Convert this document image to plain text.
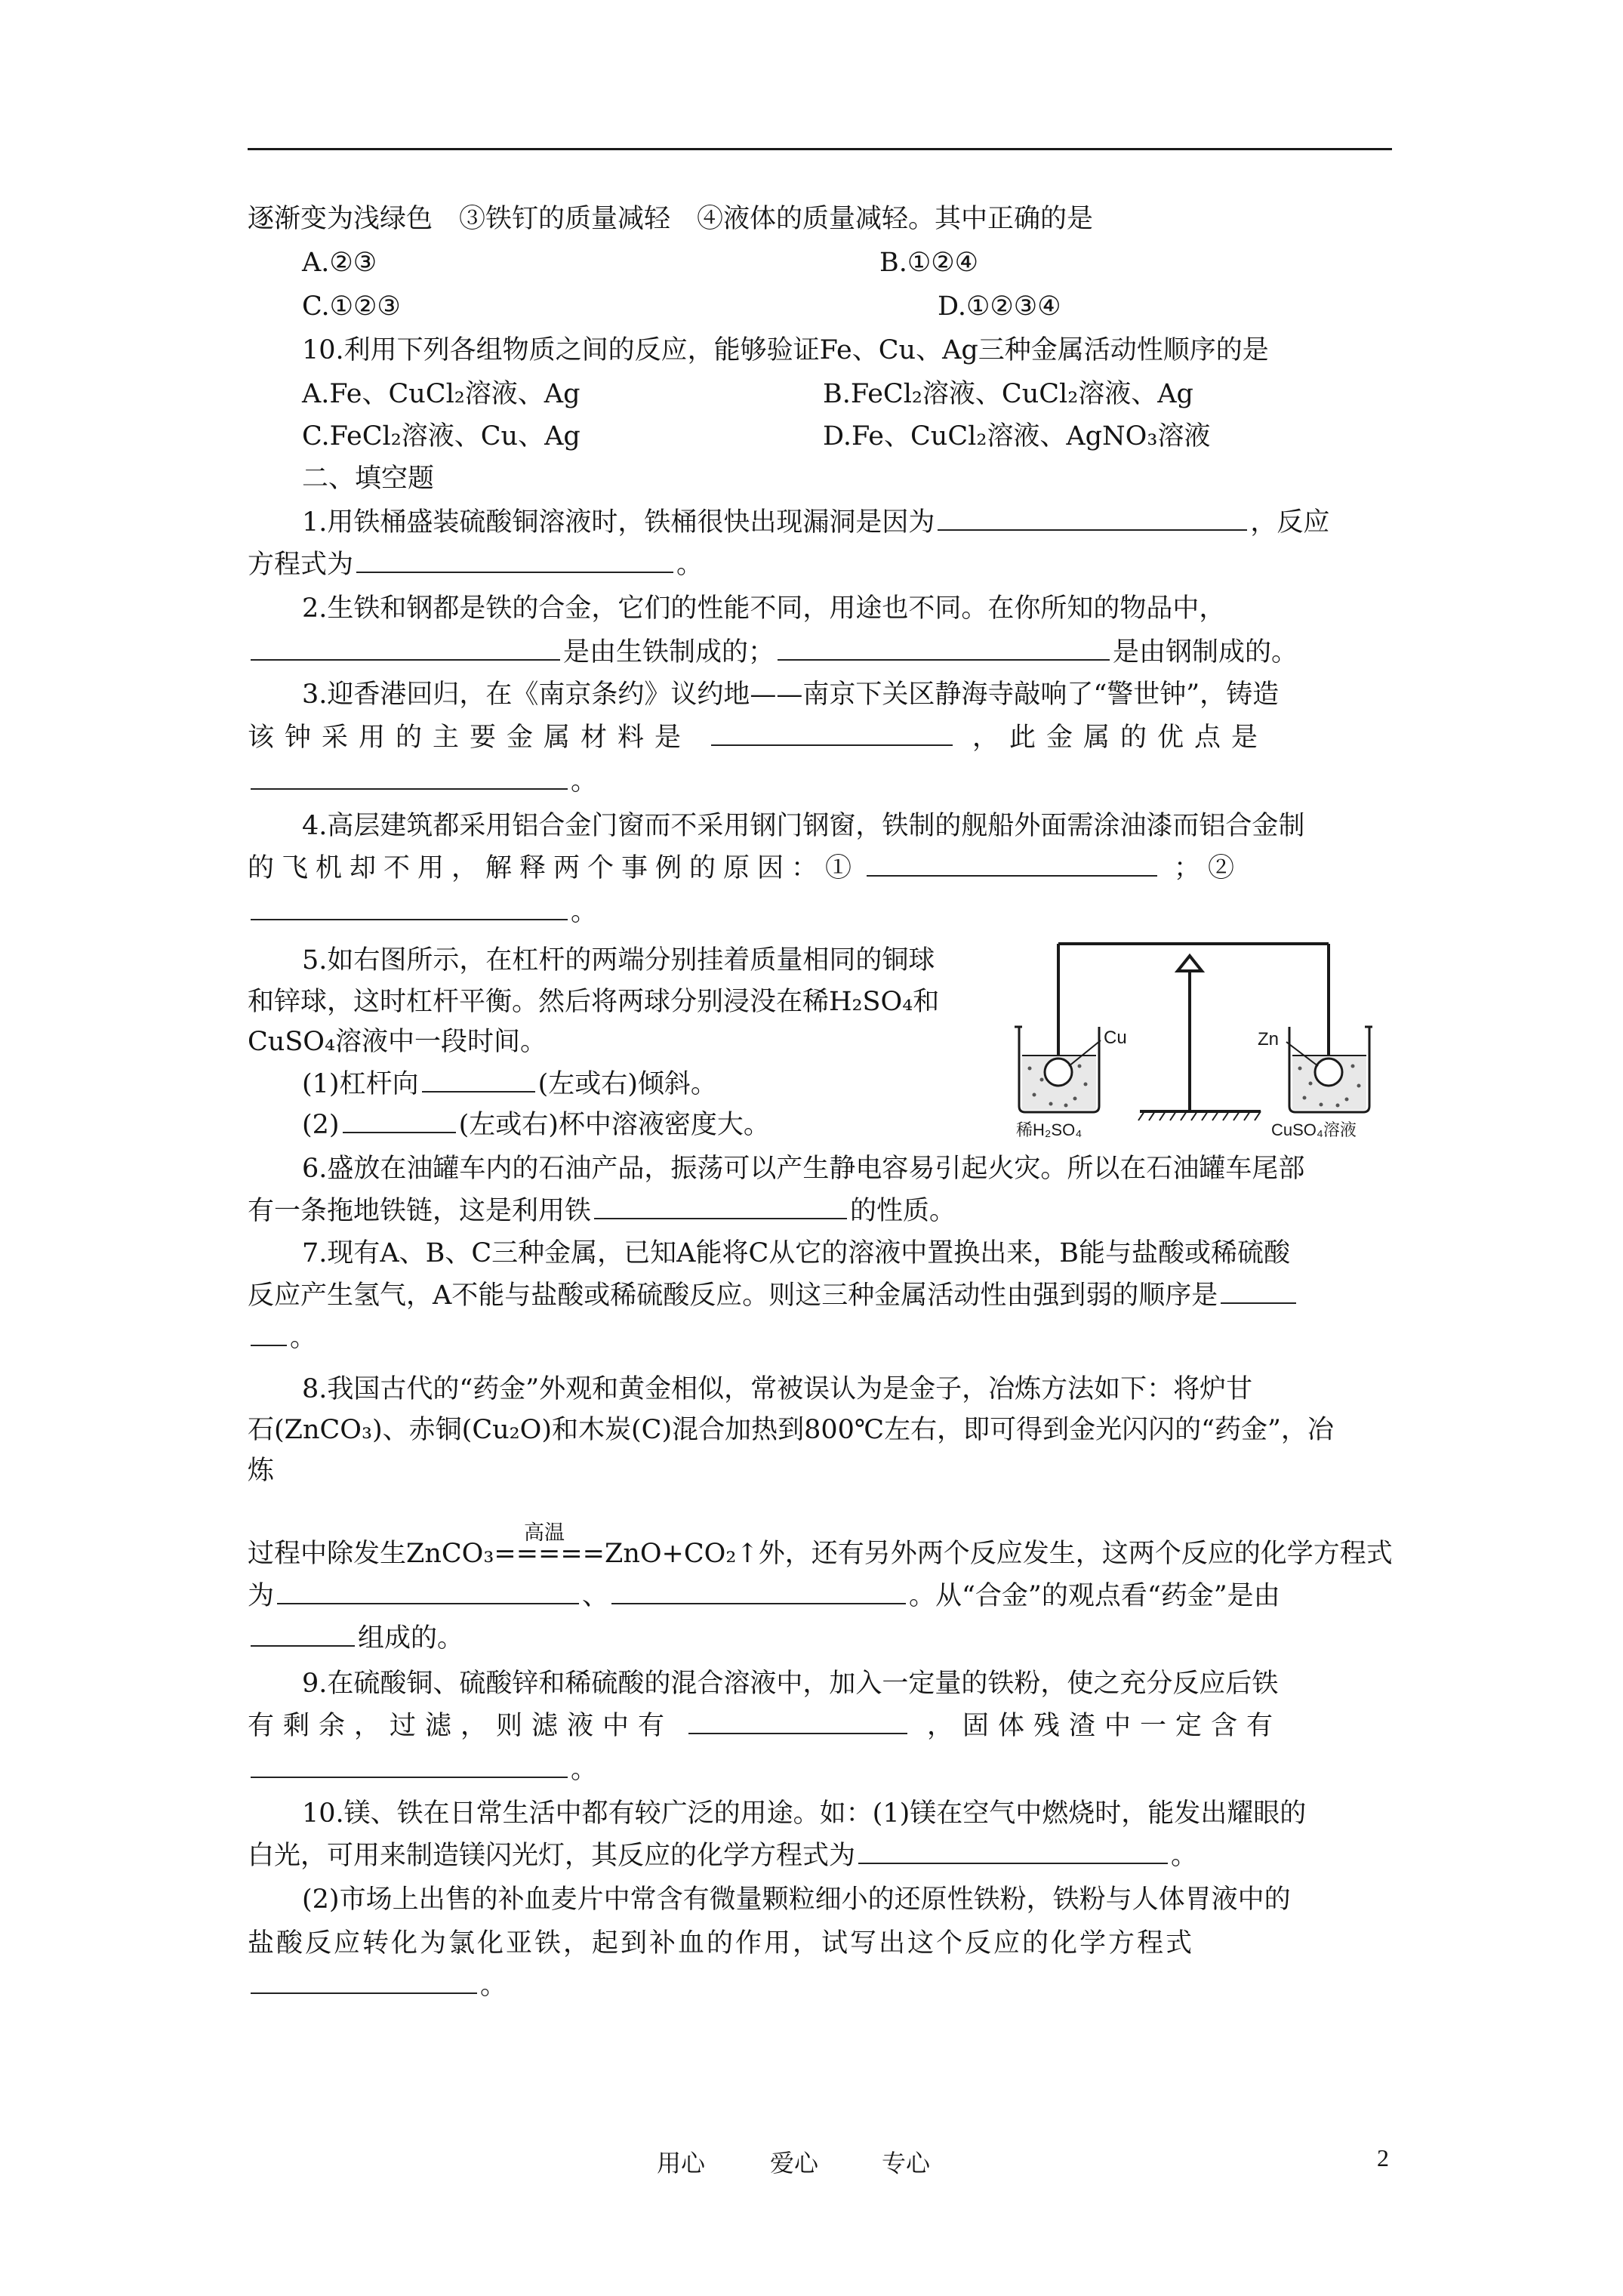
逐渐变为浅绿色　③铁钉的质量减轻　④液体的质量减轻。其中正确的是
A.②③	B.①②④
C.①②③	D.①②③④
10.利用下列各组物质之间的反应，能够验证Fe、Cu、Ag三种金属活动性顺序的是
A.Fe、CuCl₂溶液、Ag	B.FeCl₂溶液、CuCl₂溶液、Ag
C.FeCl₂溶液、Cu、Ag	D.Fe、CuCl₂溶液、AgNO₃溶液
二、填空题
1.用铁桶盛装硫酸铜溶液时，铁桶很快出现漏洞是因为	，反应
方程式为	。
2.生铁和钢都是铁的合金，它们的性能不同，用途也不同。在你所知的物品中，
是由生铁制成的；	是由钢制成的。
3.迎香港回归，在《南京条约》议约地——南京下关区静海寺敲响了“警世钟”，铸造
该钟采用的主要金属材料是	，此金属的优点是
。
4.高层建筑都采用铝合金门窗而不采用钢门钢窗，铁制的舰船外面需涂油漆而铝合金制
的飞机却不用，解释两个事例的原因：①	；②
。
5.如右图所示，在杠杆的两端分别挂着质量相同的铜球
和锌球，这时杠杆平衡。然后将两球分别浸没在稀H₂SO₄和
CuSO₄溶液中一段时间。
(1)杠杆向	(左或右)倾斜。
(2)	(左或右)杯中溶液密度大。
Cu	Zn
稀H₂SO₄	CuSO₄溶液
6.盛放在油罐车内的石油产品，振荡可以产生静电容易引起火灾。所以在石油罐车尾部
有一条拖地铁链，这是利用铁	的性质。
7.现有A、B、C三种金属，已知A能将C从它的溶液中置换出来，B能与盐酸或稀硫酸
反应产生氢气，A不能与盐酸或稀硫酸反应。则这三种金属活动性由强到弱的顺序是
。
8.我国古代的“药金”外观和黄金相似，常被误认为是金子，冶炼方法如下：将炉甘
石(ZnCO₃)、赤铜(Cu₂O)和木炭(C)混合加热到800℃左右，即可得到金光闪闪的“药金”，冶
炼
高温
过程中除发生ZnCO₃=====ZnO+CO₂↑外，还有另外两个反应发生，这两个反应的化学方程式
为	、	。从“合金”的观点看“药金”是由
组成的。
9.在硫酸铜、硫酸锌和稀硫酸的混合溶液中，加入一定量的铁粉，使之充分反应后铁
有剩余，过滤，则滤液中有	，固体残渣中一定含有
。
10.镁、铁在日常生活中都有较广泛的用途。如：(1)镁在空气中燃烧时，能发出耀眼的
白光，可用来制造镁闪光灯，其反应的化学方程式为	。
(2)市场上出售的补血麦片中常含有微量颗粒细小的还原性铁粉，铁粉与人体胃液中的
盐酸反应转化为氯化亚铁，起到补血的作用，试写出这个反应的化学方程式
。
用心	爱心	专心	2
